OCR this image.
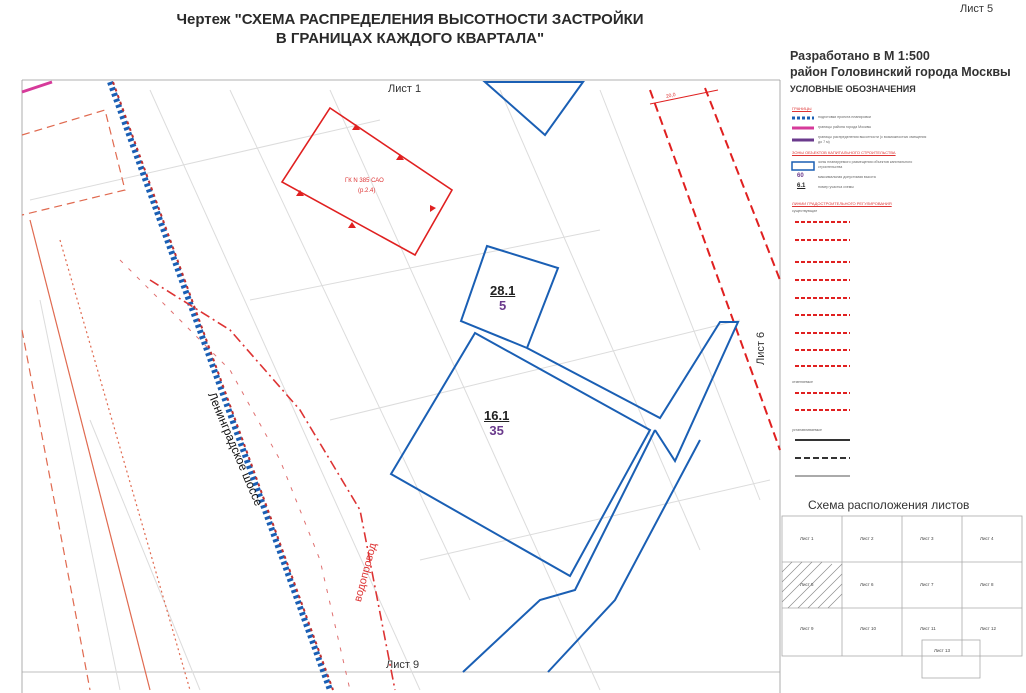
Чертеж "СХЕМА РАСПРЕДЕЛЕНИЯ ВЫСОТНОСТИ ЗАСТРОЙКИ
В ГРАНИЦАХ КАЖДОГО КВАРТАЛА"
Лист 5
Лист 1
Лист 9
Лист 6
Ленинградское шоссе
водопровод
ГК N 385 САО
(р.2.4)
20,0
28.1
5
16.1
35
Разработано в М 1:500
район Головинский города Москвы
УСЛОВНЫЕ ОБОЗНАЧЕНИЯ
ГРАНИЦЫ
подготовки проекта планировки
границы района города Москвы
границы распределения высотности (с возможностью смещения до 7 м)
ЗОНЫ ОБЪЕКТОВ КАПИТАЛЬНОГО СТРОИТЕЛЬСТВА
зоны планируемого размещения объектов капитального строительства
60	максимальная допустимая высота
6.1	номер участка схемы
ЛИНИИ ГРАДОСТРОИТЕЛЬНОГО РЕГУЛИРОВАНИЯ
существующие
отменяемые
устанавливаемые
Схема расположения листов
Лист 1	Лист 2	Лист 3	Лист 4
Лист 5	Лист 6	Лист 7	Лист 8
Лист 9	Лист 10	Лист 11	Лист 12
Лист 13
